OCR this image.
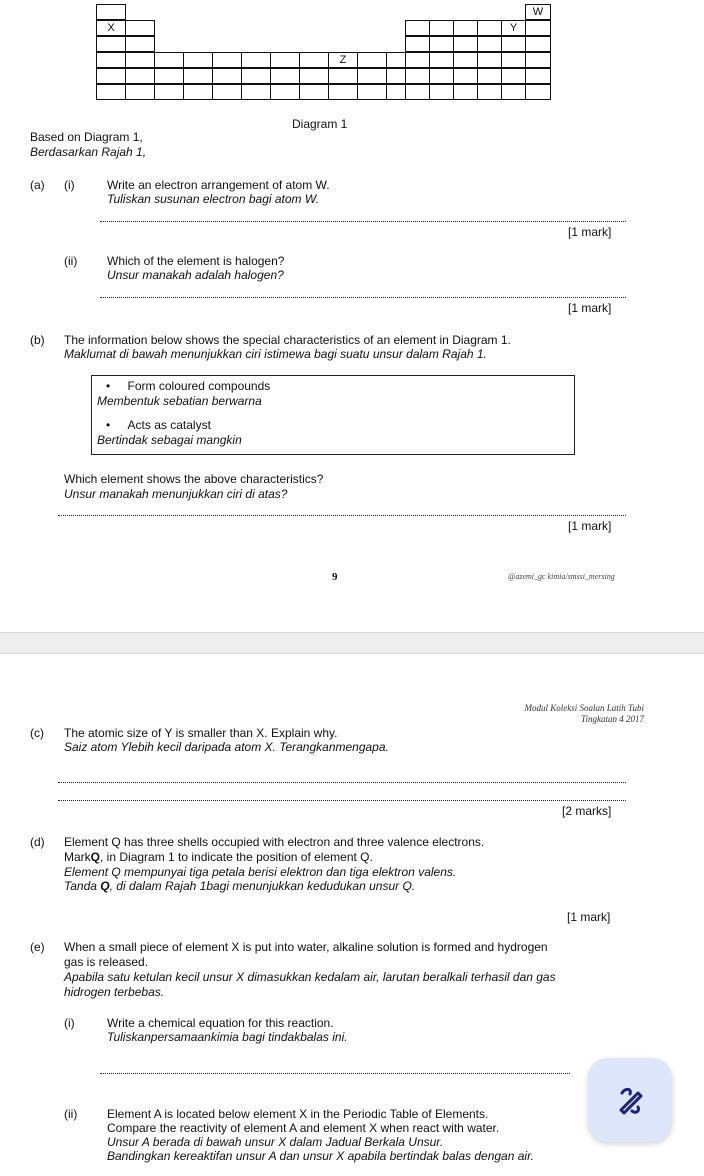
W
X	Y
Z
Diagram 1
Based on Diagram 1,
Berdasarkan Rajah 1,
(a) (i)	Write an electron arrangement of atom W.
Tuliskan susunan electron bagi atom W.
[1 mark]
(ii) Which of the element is halogen?
Unsur manakah adalah halogen?
[1 mark]
(b) The information below shows the special characteristics of an element in Diagram 1.
Maklumat di bawah menunjukkan ciri istimewa bagi suatu unsur dalam Rajah 1.
• Form coloured compounds
Membentuk sebatian berwarna
• Acts as catalyst
Bertindak sebagai mangkin
Which element shows the above characteristics?
Unsur manakah menunjukkan ciri di atas?
[1 mark]
9	@azemi_gc kimia/smssi_mersing
Modul Koleksi Soalan Latih Tubi
Tingkatan 4 2017
(c) The atomic size of Y is smaller than X. Explain why.
Saiz atom Ylebih kecil daripada atom X. Terangkanmengapa.
[2 marks]
(d) Element Q has three shells occupied with electron and three valence electrons.
MarkQ, in Diagram 1 to indicate the position of element Q.
Element Q mempunyai tiga petala berisi elektron dan tiga elektron valens.
Tanda Q, di dalam Rajah 1bagi menunjukkan kedudukan unsur Q.
[1 mark]
(e) When a small piece of element X is put into water, alkaline solution is formed and hydrogen
gas is released.
Apabila satu ketulan kecil unsur X dimasukkan kedalam air, larutan beralkali terhasil dan gas
hidrogen terbebas.
(i)	Write a chemical equation for this reaction.
Tuliskanpersamaankimia bagi tindakbalas ini.
(ii) Element A is located below element X in the Periodic Table of Elements.
Compare the reactivity of element A and element X when react with water.
Unsur A berada di bawah unsur X dalam Jadual Berkala Unsur.
Bandingkan kereaktifan unsur A dan unsur X apabila bertindak balas dengan air.
